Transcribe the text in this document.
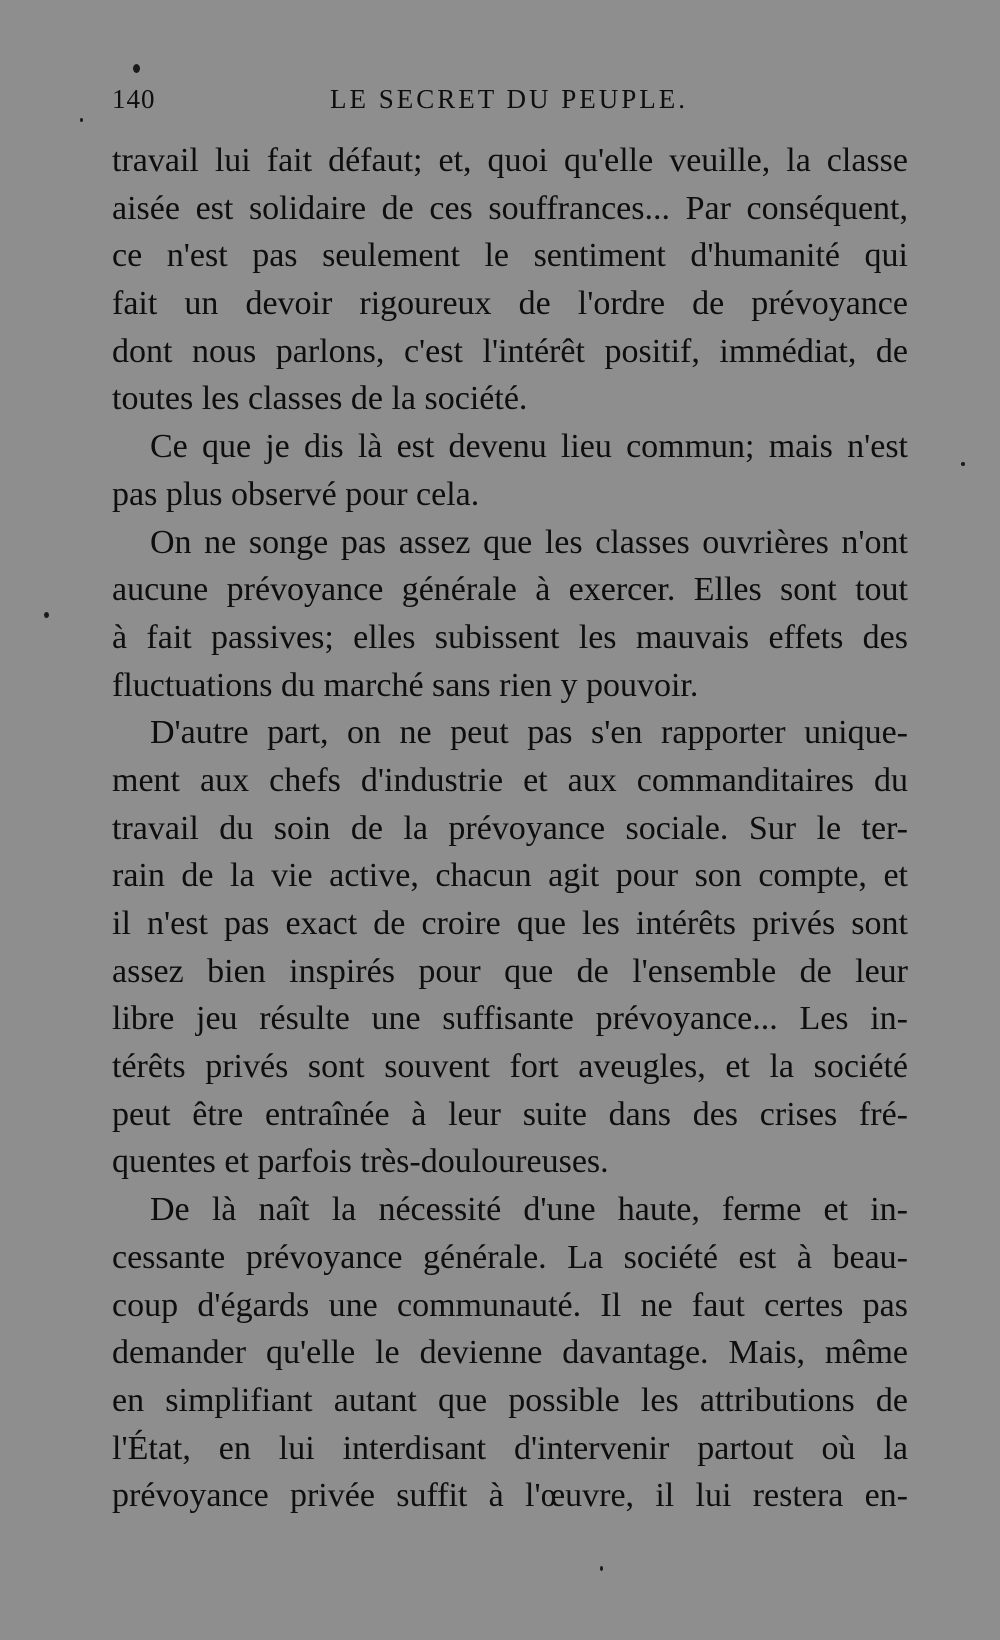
140	LE SECRET DU PEUPLE.
travail lui fait défaut; et, quoi qu'elle veuille, la classe
aisée est solidaire de ces souffrances... Par conséquent,
ce n'est pas seulement le sentiment d'humanité qui
fait un devoir rigoureux de l'ordre de prévoyance
dont nous parlons, c'est l'intérêt positif, immédiat, de
toutes les classes de la société.
Ce que je dis là est devenu lieu commun; mais n'est
pas plus observé pour cela.
On ne songe pas assez que les classes ouvrières n'ont
aucune prévoyance générale à exercer. Elles sont tout
à fait passives; elles subissent les mauvais effets des
fluctuations du marché sans rien y pouvoir.
D'autre part, on ne peut pas s'en rapporter unique-
ment aux chefs d'industrie et aux commanditaires du
travail du soin de la prévoyance sociale. Sur le ter-
rain de la vie active, chacun agit pour son compte, et
il n'est pas exact de croire que les intérêts privés sont
assez bien inspirés pour que de l'ensemble de leur
libre jeu résulte une suffisante prévoyance... Les in-
térêts privés sont souvent fort aveugles, et la société
peut être entraînée à leur suite dans des crises fré-
quentes et parfois très-douloureuses.
De là naît la nécessité d'une haute, ferme et in-
cessante prévoyance générale. La société est à beau-
coup d'égards une communauté. Il ne faut certes pas
demander qu'elle le devienne davantage. Mais, même
en simplifiant autant que possible les attributions de
l'État, en lui interdisant d'intervenir partout où la
prévoyance privée suffit à l'œuvre, il lui restera en-
